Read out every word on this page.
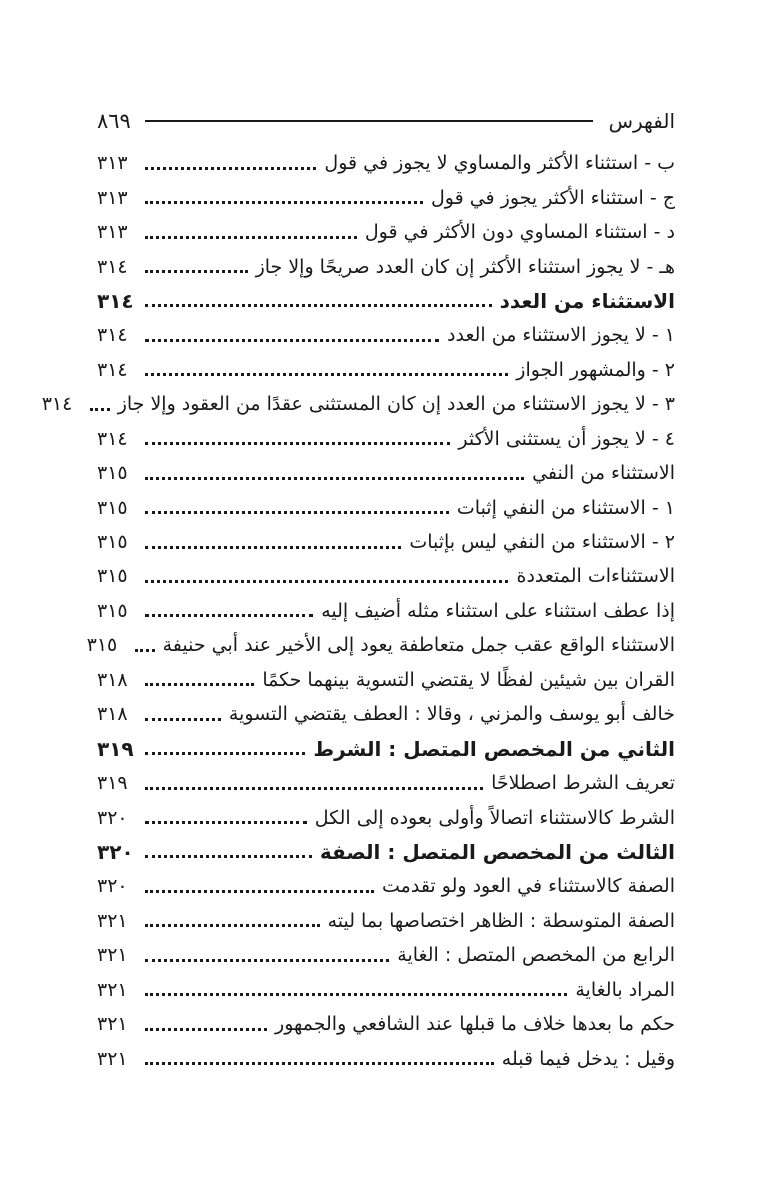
الفهرس
٨٦٩
ب - استثناء الأكثر والمساوي لا يجوز في قول
٣١٣
ج - استثناء الأكثر يجوز في قول
٣١٣
د - استثناء المساوي دون الأكثر في قول
٣١٣
هـ - لا يجوز استثناء الأكثر إن كان العدد صريحًا وإلا جاز
٣١٤
الاستثناء من العدد
٣١٤
١ - لا يجوز الاستثناء من العدد
٣١٤
٢ - والمشهور الجواز
٣١٤
٣ - لا يجوز الاستثناء من العدد إن كان المستثنى عقدًا من العقود وإلا جاز
٣١٤
٤ - لا يجوز أن يستثنى الأكثر
٣١٤
الاستثناء من النفي
٣١٥
١ - الاستثناء من النفي إثبات
٣١٥
٢ - الاستثناء من النفي ليس بإثبات
٣١٥
الاستثناءات المتعددة
٣١٥
إذا عطف استثناء على استثناء مثله أضيف إليه
٣١٥
الاستثناء الواقع عقب جمل متعاطفة يعود إلى الأخير عند أبي حنيفة
٣١٥
القران بين شيئين لفظًا لا يقتضي التسوية بينهما حكمًا
٣١٨
خالف أبو يوسف والمزني ، وقالا : العطف يقتضي التسوية
٣١٨
الثاني من المخصص المتصل : الشرط
٣١٩
تعريف الشرط اصطلاحًا
٣١٩
الشرط كالاستثناء اتصالاً وأولى بعوده إلى الكل
٣٢٠
الثالث من المخصص المتصل : الصفة
٣٢٠
الصفة كالاستثناء في العود ولو تقدمت
٣٢٠
الصفة المتوسطة : الظاهر اختصاصها بما ليته
٣٢١
الرابع من المخصص المتصل : الغاية
٣٢١
المراد بالغاية
٣٢١
حكم ما بعدها خلاف ما قبلها عند الشافعي والجمهور
٣٢١
وقيل : يدخل فيما قبله
٣٢١
